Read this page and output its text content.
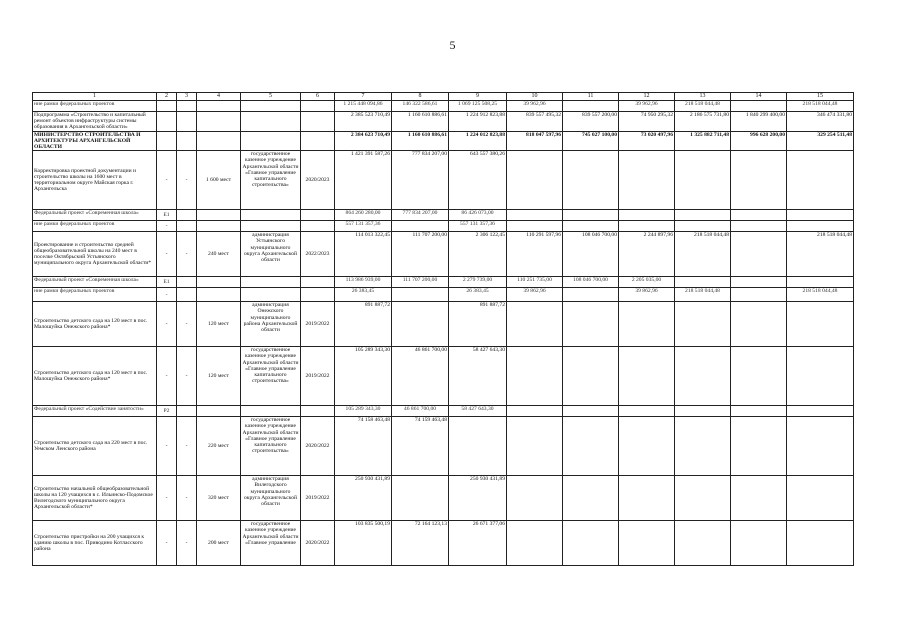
5
1	2	3	4	5	6	7	8	9	10	11	12	13	14	15
ние рамки федеральных проектов						1 215 448 094,86	146 322 586,61	1 069 125 508,25	39 962,96		39 962,96	218 518 044,48		218 518 044,48
Подпрограмма «Строительство и капитальный ремонт объектов инфраструктуры системы образования в Архангельской области»						2 385 523 710,49	1 160 610 886,61	1 224 912 823,88	839 557 495,32	839 557 200,00	74 950 295,32	2 186 575 731,80	1 840 299 400,00	346 474 331,80
МИНИСТЕРСТВО СТРОИТЕЛЬСТВА И АРХИТЕКТУРЫ АРХАНГЕЛЬСКОЙ ОБЛАСТИ						2 384 623 710,49	1 160 610 886,61	1 224 012 823,88	818 047 597,96	745 027 100,00	73 020 497,96	1 325 882 711,48	996 628 200,00	329 254 511,48
Корректировка проектной документации и строительство школы на 1600 мест в территориальном округе Майская горка г. Архангельска	-	-	1 600 мест	государственное казенное учреждение Архангельской области «Главное управление капитального строительства»	2020/2023	1 421 391 587,26	777 834 207,00	643 557 380,26						
Федеральный проект «Современная школа»	E1					864 260 280,00	777 834 207,00	86 426 073,00						
ние рамки федеральных проектов	-					557 131 357,36		557 131 357,36						
Проектирование и строительство средней общеобразовательной школы на 240 мест в поселке Октябрьский Устьянского муниципального округа Архангельской области*	-	-	240 мест	администрация Устьянского муниципального округа Архангельской области	2022/2023	114 013 322,45	111 707 200,00	2 306 122,45	110 291 597,96	108 046 700,00	2 244 897,96	218 518 044,48		218 518 044,48
Федеральный проект «Современная школа»	E1					113 986 939,00	111 707 200,00	2 279 739,00	110 251 735,00	108 046 700,00	2 205 035,00			
ние рамки федеральных проектов	-					26 383,45		26 383,45	39 862,96		39 862,96	218 518 044,48		218 518 044,48
Строительство детского сада на 120 мест в пос. Малошуйка Онежского района*	-	-	120 мест	администрация Онежского муниципального района Архангельской области	2019/2022	891 887,72		891 887,72						
Строительство детского сада на 120 мест в пос. Малошуйка Онежского района*	-	-	120 мест	государственное казенное учреждение Архангельской области «Главное управление капитального строительства»	2019/2022	105 289 343,30	46 861 700,00	58 427 643,30						
Федеральный проект «Содействие занятости»	P2					105 289 343,30	46 861 700,00	58 427 643,30						
Строительство детского сада на 220 мест в пос. Уемском Ленского района	-	-	220 мест	государственное казенное учреждение Архангельской области «Главное управление капитального строительства»	2020/2022	74 158 463,48	74 159 463,48							
Строительство начальной общеобразовательной школы на 120 учащихся в с. Ильинско-Подомское Вилегодского муниципального округа Архангельской области*	-	-	320 мест	администрация Вилегодского муниципального округа Архангельской области	2019/2022	250 930 431,89		250 930 431,89						
Строительство пристройки на 200 учащихся к зданию школы в пос. Приводино Котласского района	-	-	200 мест	государственное казенное учреждение Архангельской области «Главное управление	2020/2022	103 835 500,19	72 164 123,13	26 671 377,06						
